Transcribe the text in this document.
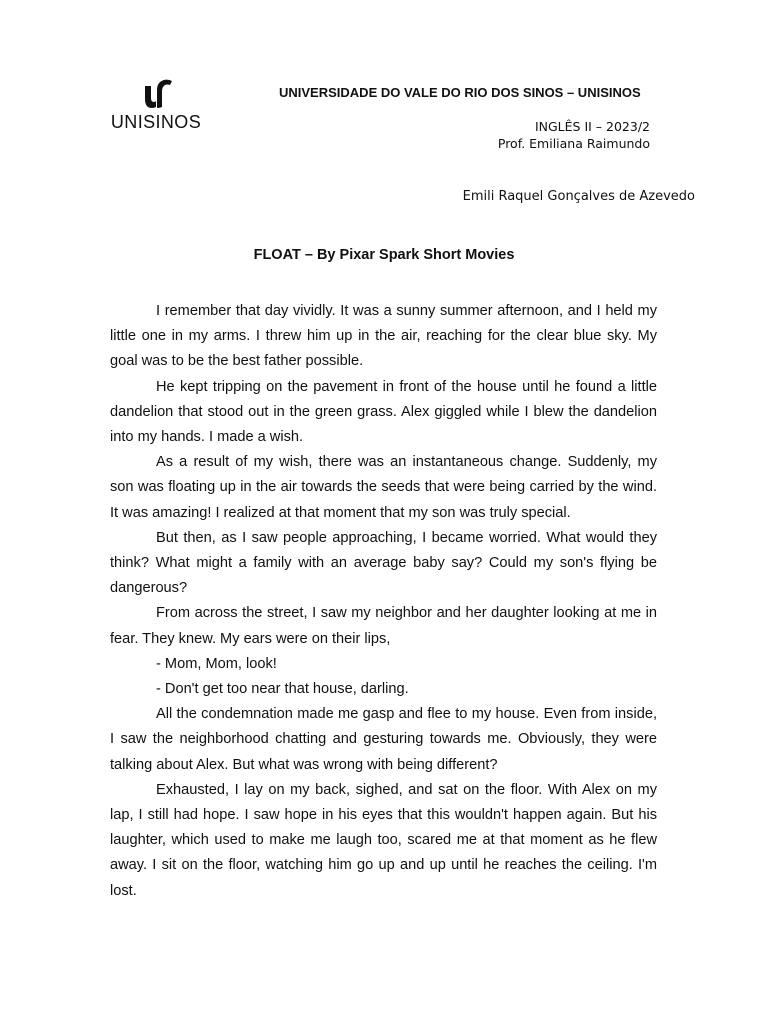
UNISINOS
UNIVERSIDADE DO VALE DO RIO DOS SINOS – UNISINOS
INGLÊS II – 2023/2
Prof. Emiliana Raimundo
Emili Raquel Gonçalves de Azevedo
FLOAT – By Pixar Spark Short Movies

I remember that day vividly. It was a sunny summer afternoon, and I held my little one in my arms. I threw him up in the air, reaching for the clear blue sky. My goal was to be the best father possible.

He kept tripping on the pavement in front of the house until he found a little dandelion that stood out in the green grass. Alex giggled while I blew the dandelion into my hands. I made a wish.

As a result of my wish, there was an instantaneous change. Suddenly, my son was floating up in the air towards the seeds that were being carried by the wind. It was amazing! I realized at that moment that my son was truly special.

But then, as I saw people approaching, I became worried. What would they think? What might a family with an average baby say? Could my son's flying be dangerous?

From across the street, I saw my neighbor and her daughter looking at me in fear. They knew. My ears were on their lips,

- Mom, Mom, look!

- Don't get too near that house, darling.

All the condemnation made me gasp and flee to my house. Even from inside, I saw the neighborhood chatting and gesturing towards me. Obviously, they were talking about Alex. But what was wrong with being different?

Exhausted, I lay on my back, sighed, and sat on the floor. With Alex on my lap, I still had hope. I saw hope in his eyes that this wouldn't happen again. But his laughter, which used to make me laugh too, scared me at that moment as he flew away. I sit on the floor, watching him go up and up until he reaches the ceiling. I'm lost.
